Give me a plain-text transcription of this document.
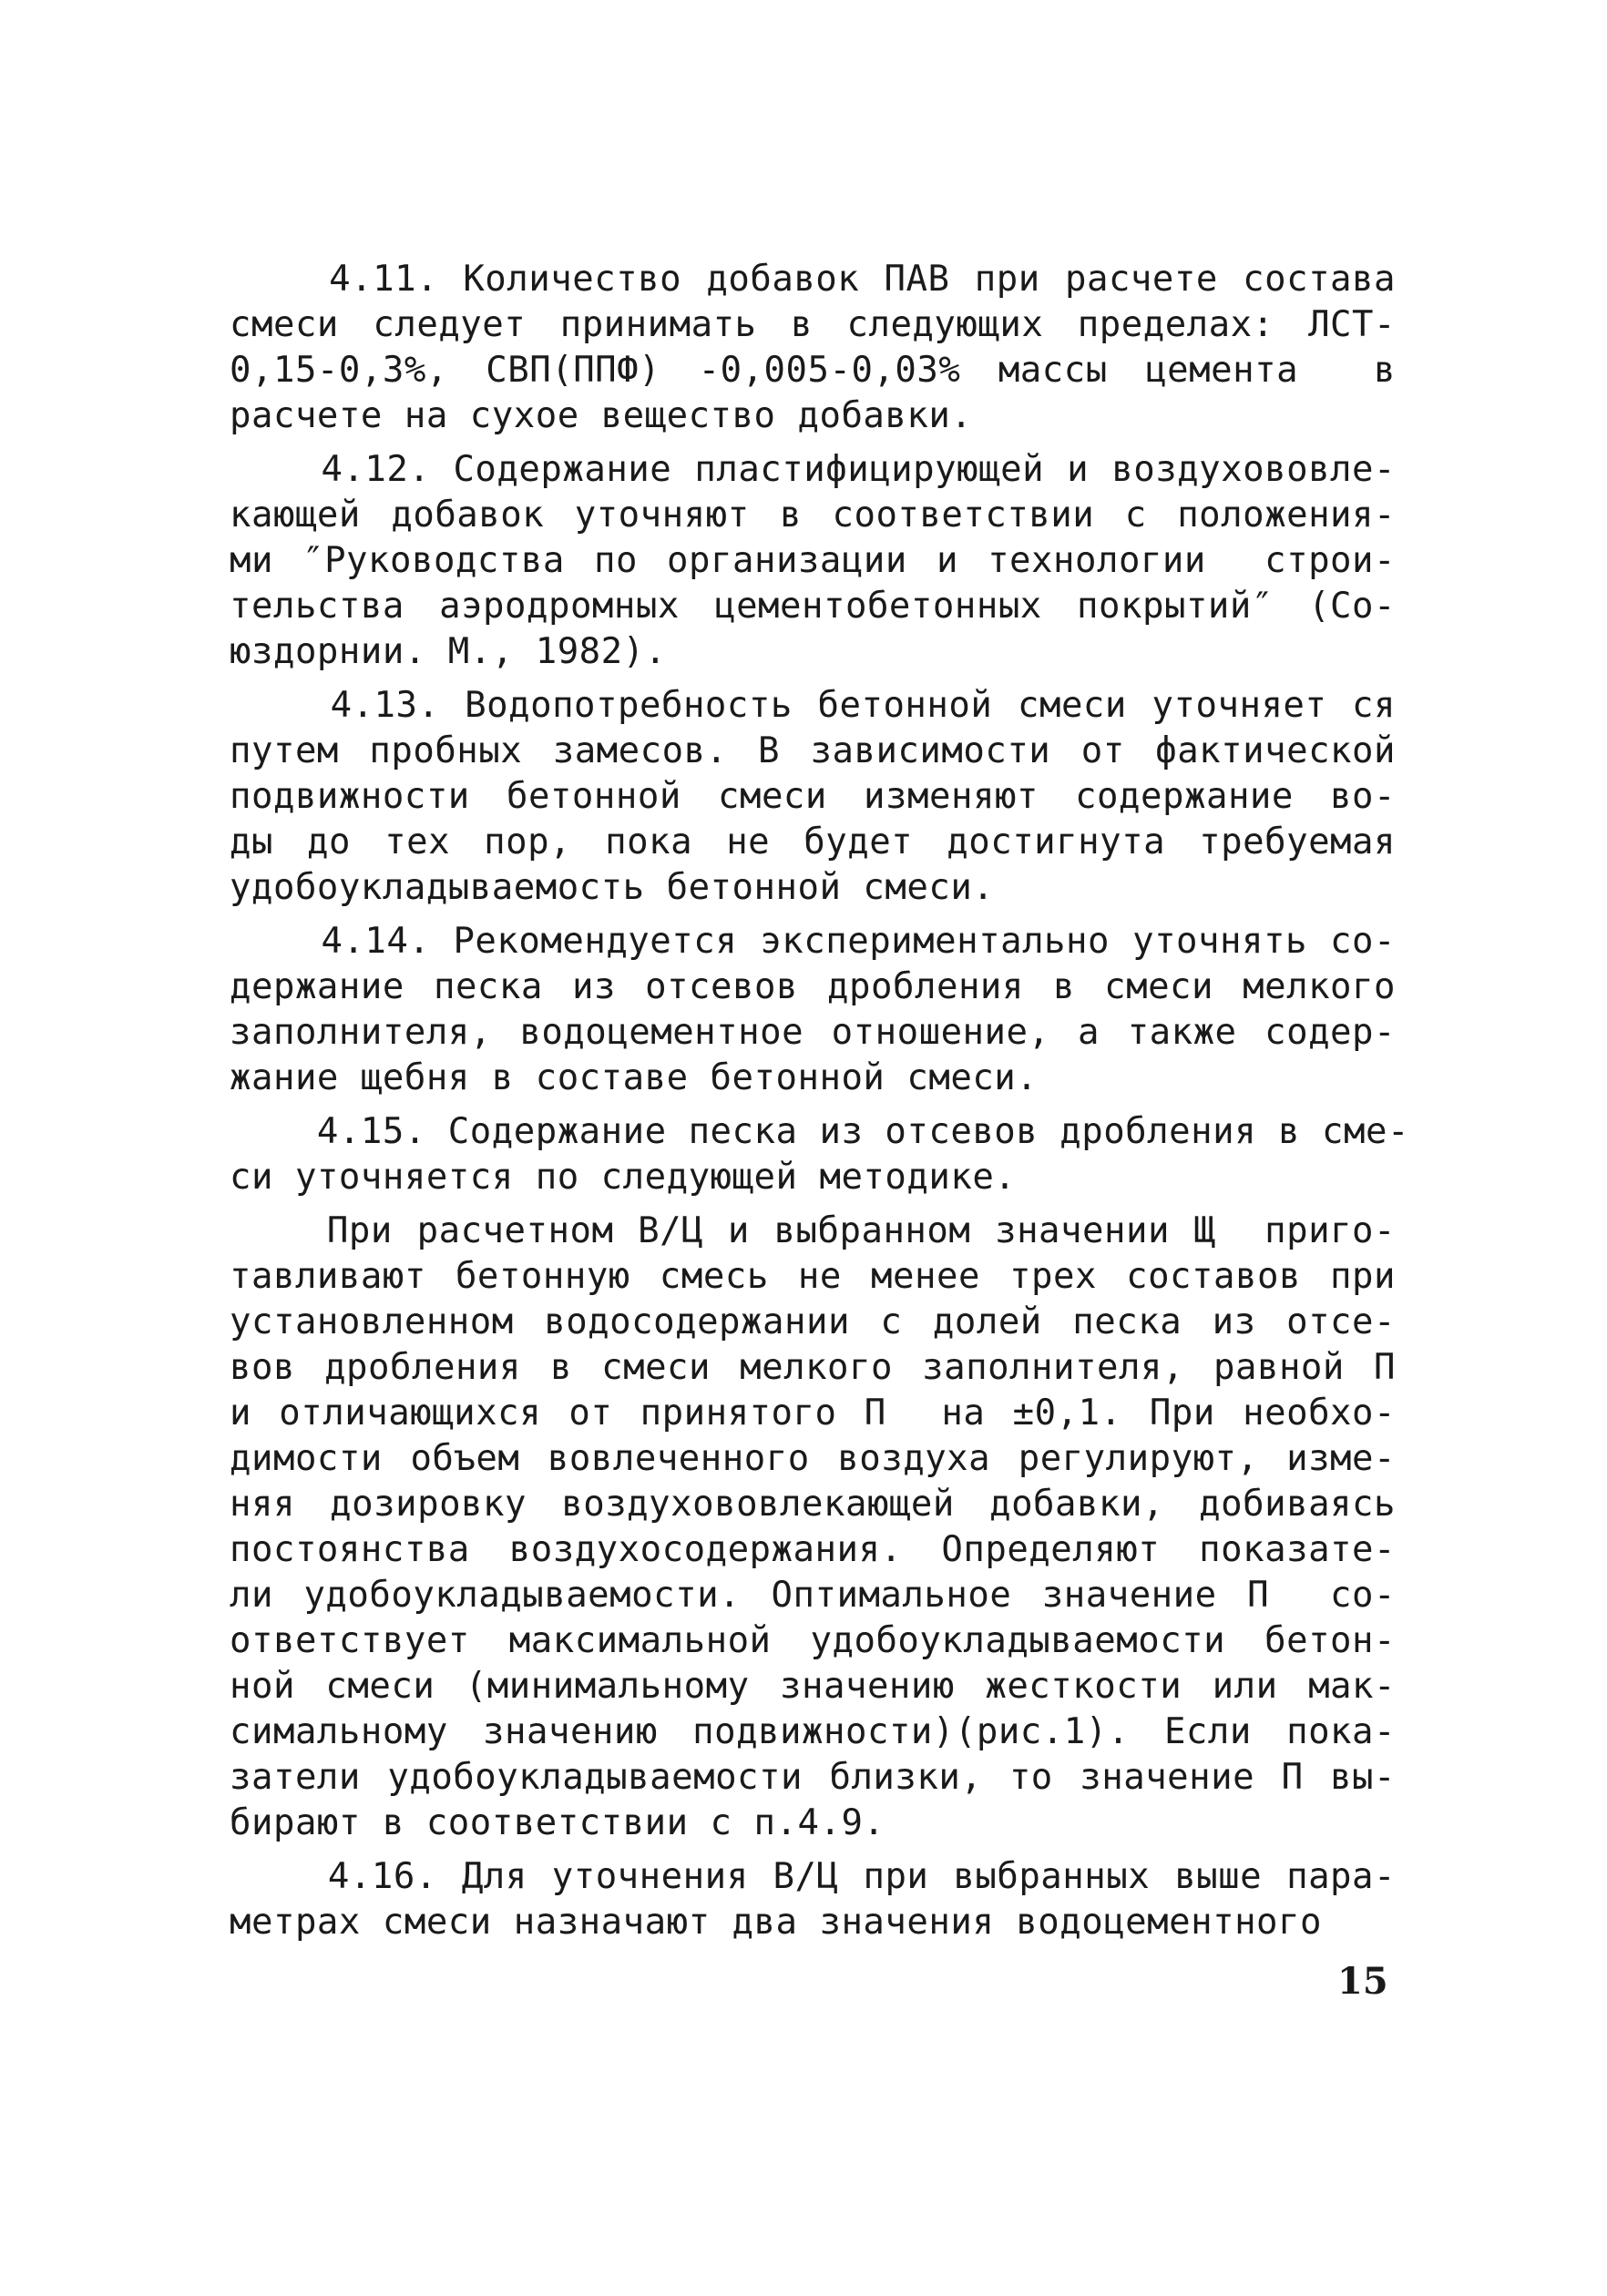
4.11. Количество добавок ПАВ при расчете состава
смеси следует принимать в следующих пределах: ЛСТ-
0,15-0,3%, СВП(ППФ) -0,005-0,03% массы цемента  в
расчете на сухое вещество добавки.
4.12. Содержание пластифицирующей и воздухововле-
кающей добавок уточняют в соответствии с положения-
ми ″Руководства по организации и технологии  строи-
тельства аэродромных цементобетонных покрытий″ (Со-
юздорнии. М., 1982).
4.13. Водопотребность бетонной смеси уточняет ся
путем пробных замесов. В зависимости от фактической
подвижности бетонной смеси изменяют содержание во-
ды до тех пор, пока не будет достигнута требуемая
удобоукладываемость бетонной смеси.
4.14. Рекомендуется экспериментально уточнять со-
держание песка из отсевов дробления в смеси мелкого
заполнителя, водоцементное отношение, а также содер-
жание щебня в составе бетонной смеси.
4.15. Содержание песка из отсевов дробления в сме-
си уточняется по следующей методике.
При расчетном В/Ц и выбранном значении Щ  приго-
тавливают бетонную смесь не менее трех составов при
установленном водосодержании с долей песка из отсе-
вов дробления в смеси мелкого заполнителя, равной П
и отличающихся от принятого П  на ±0,1. При необхо-
димости объем вовлеченного воздуха регулируют, изме-
няя дозировку воздухововлекающей добавки, добиваясь
постоянства воздухосодержания. Определяют показате-
ли удобоукладываемости. Оптимальное значение П  со-
ответствует максимальной удобоукладываемости бетон-
ной смеси (минимальному значению жесткости или мак-
симальному значению подвижности)(рис.1). Если пока-
затели удобоукладываемости близки, то значение П вы-
бирают в соответствии с п.4.9.
4.16. Для уточнения В/Ц при выбранных выше пара-
метрах смеси назначают два значения водоцементного
15
